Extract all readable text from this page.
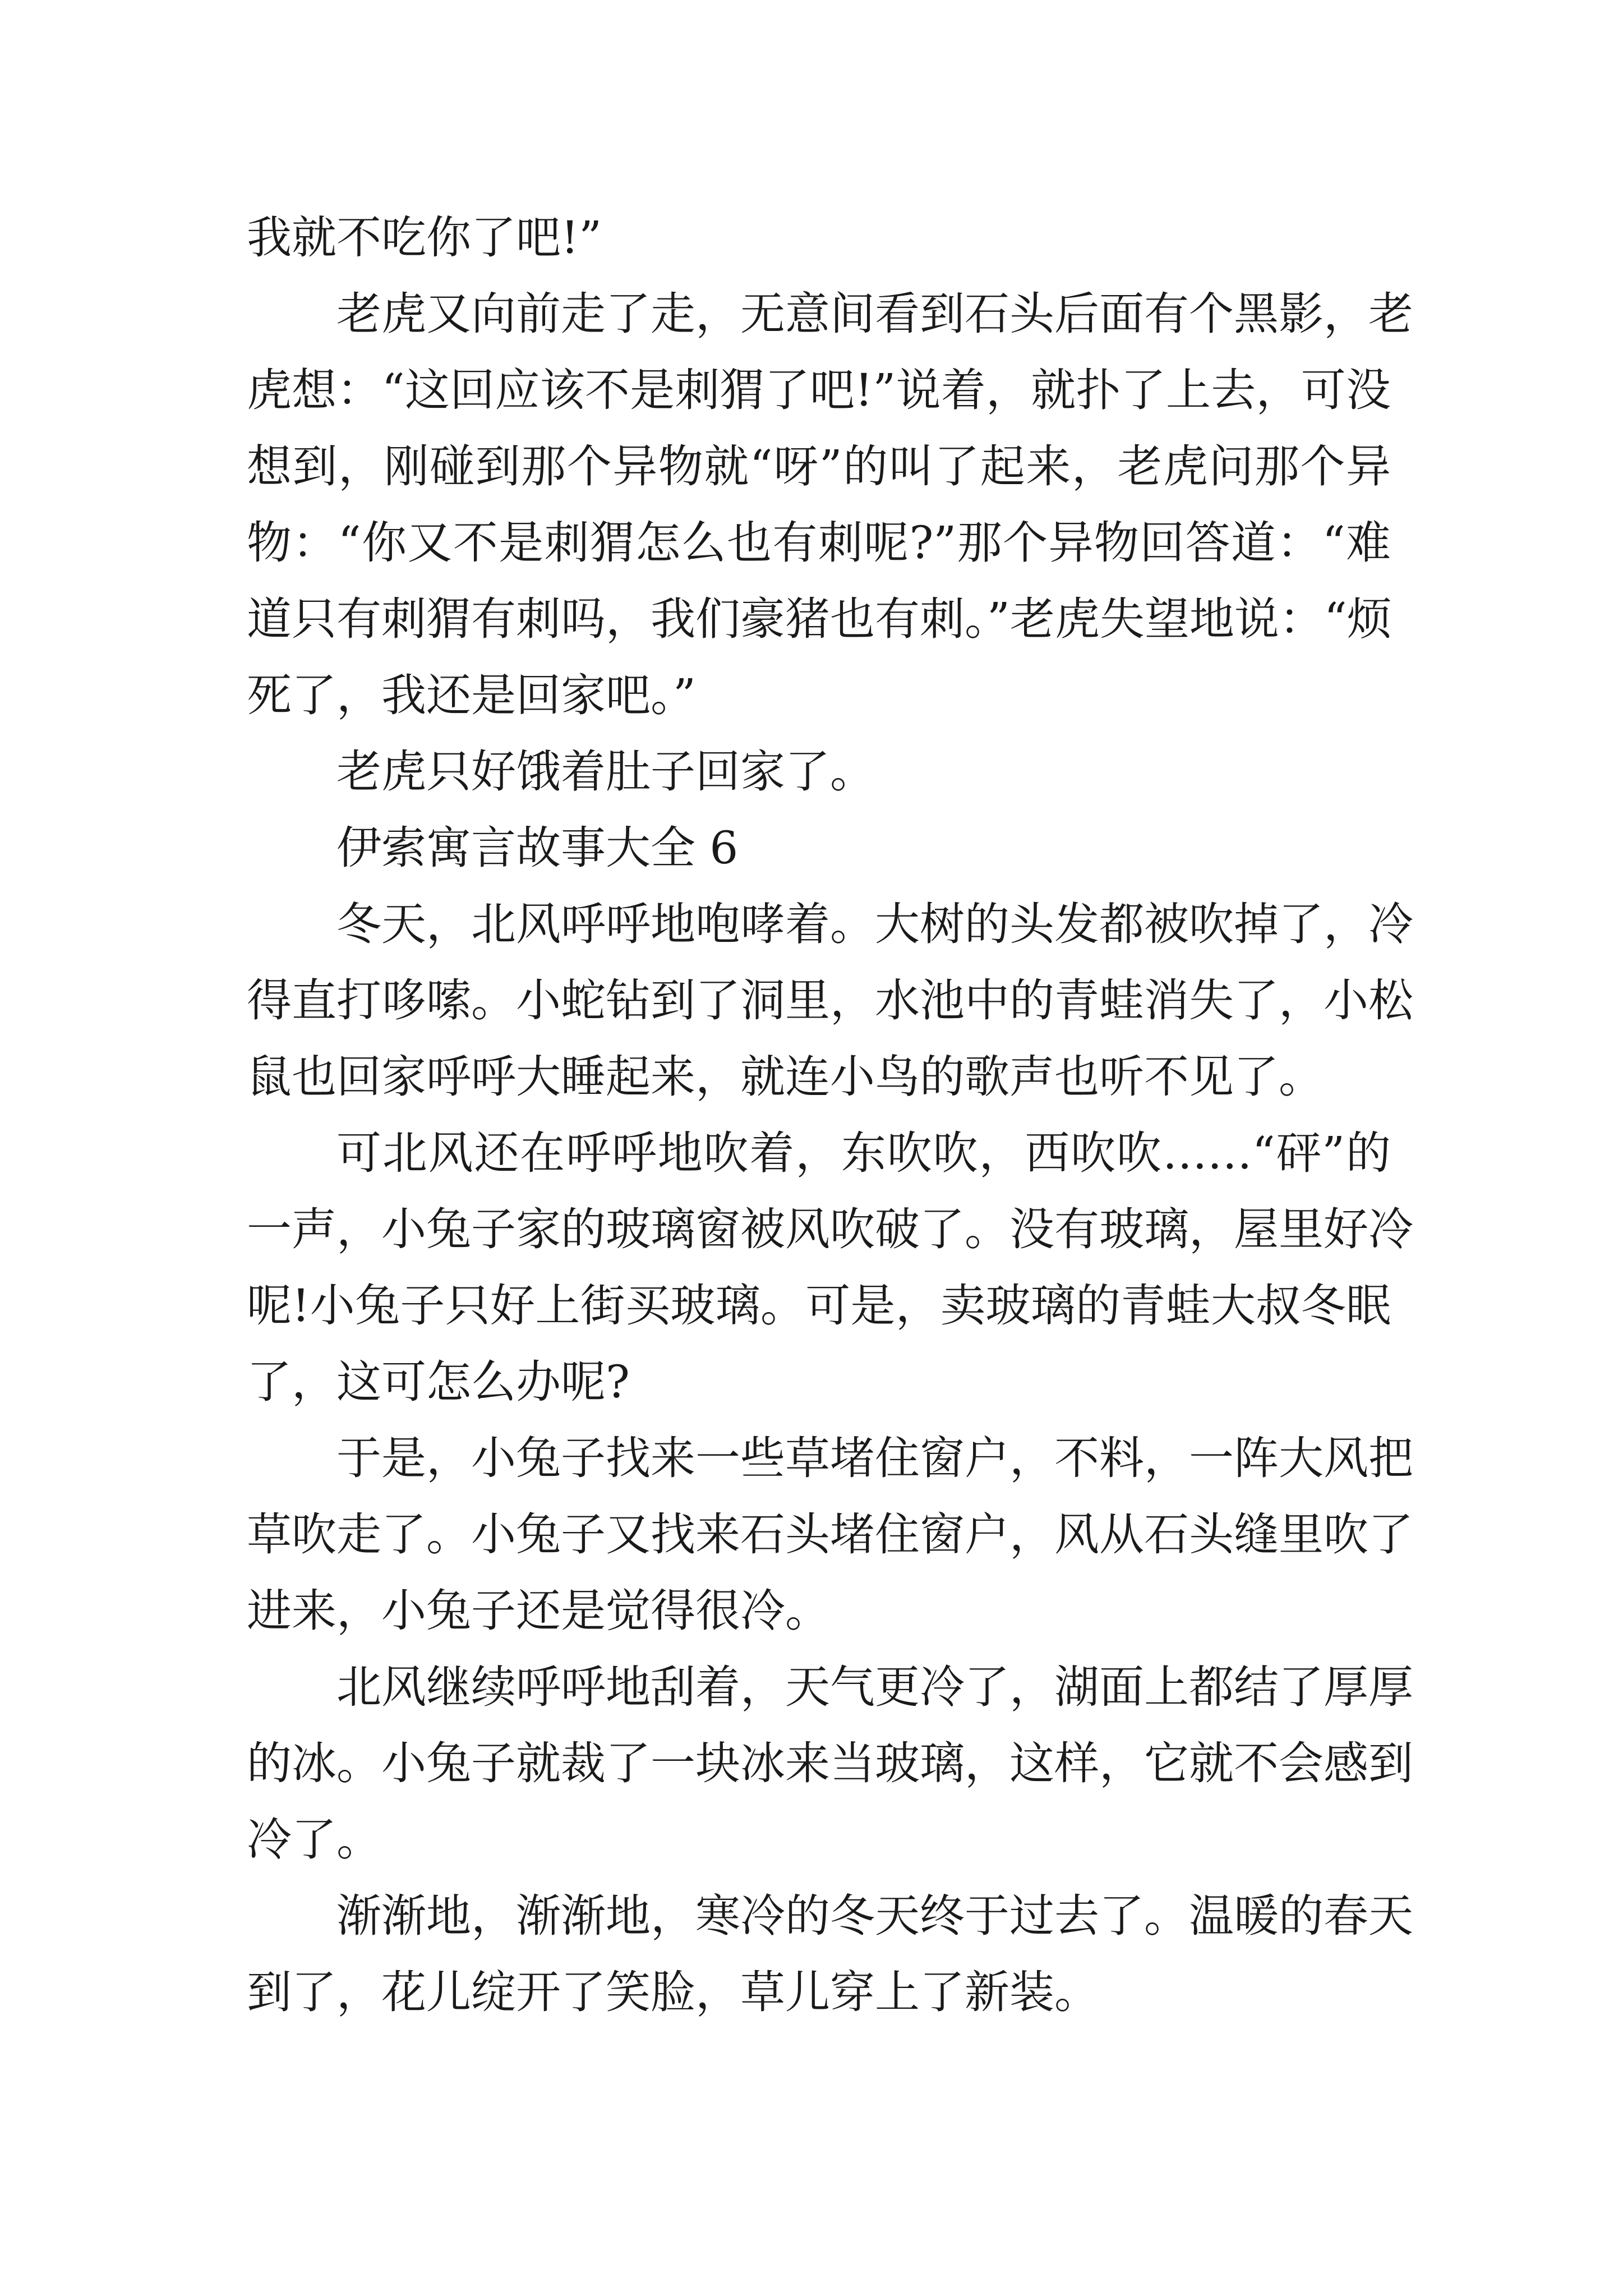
我就不吃你了吧!”
老虎又向前走了走，无意间看到石头后面有个黑影，老
虎想：“这回应该不是刺猬了吧!”说着，就扑了上去，可没
想到，刚碰到那个异物就“呀”的叫了起来，老虎问那个异
物：“你又不是刺猬怎么也有刺呢?”那个异物回答道：“难
道只有刺猬有刺吗，我们豪猪也有刺。”老虎失望地说：“烦
死了，我还是回家吧。”
老虎只好饿着肚子回家了。
伊索寓言故事大全 6
冬天，北风呼呼地咆哮着。大树的头发都被吹掉了，冷
得直打哆嗦。小蛇钻到了洞里，水池中的青蛙消失了，小松
鼠也回家呼呼大睡起来，就连小鸟的歌声也听不见了。
可北风还在呼呼地吹着，东吹吹，西吹吹……“砰”的
一声，小兔子家的玻璃窗被风吹破了。没有玻璃，屋里好冷
呢!小兔子只好上街买玻璃。可是，卖玻璃的青蛙大叔冬眠
了，这可怎么办呢?
于是，小兔子找来一些草堵住窗户，不料，一阵大风把
草吹走了。小兔子又找来石头堵住窗户，风从石头缝里吹了
进来，小兔子还是觉得很冷。
北风继续呼呼地刮着，天气更冷了，湖面上都结了厚厚
的冰。小兔子就裁了一块冰来当玻璃，这样，它就不会感到
冷了。
渐渐地，渐渐地，寒冷的冬天终于过去了。温暖的春天
到了，花儿绽开了笑脸，草儿穿上了新装。
